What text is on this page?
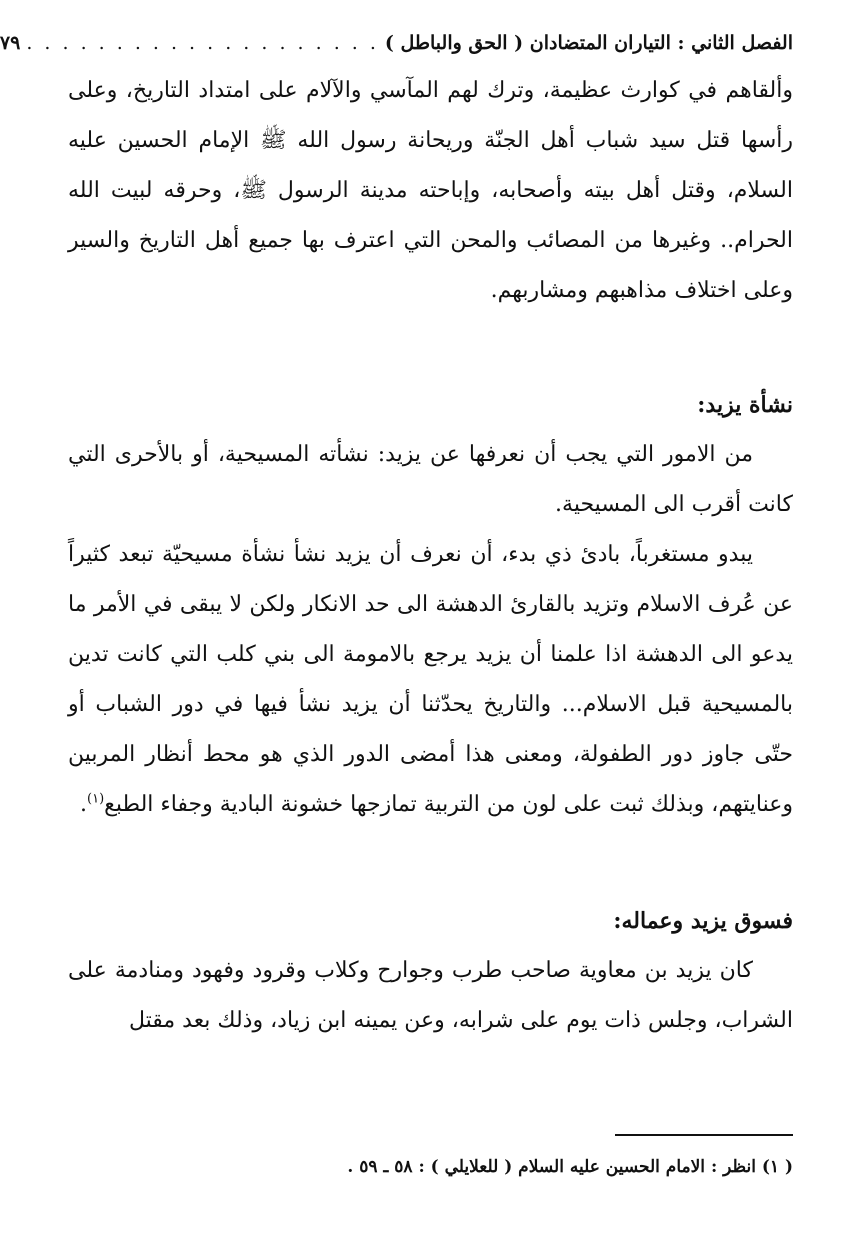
الفصل الثاني : التياران المتضادان ( الحق والباطل )
. . . . . . . . . . . . . . . . . . . .
٧٩

وألقاهم في كوارث عظيمة، وترك لهم المآسي والآلام على امتداد التاريخ، وعلى رأسها قتل سيد شباب أهل الجنّة وريحانة رسول الله ﷺ الإمام الحسين عليه السلام، وقتل أهل بيته وأصحابه، وإباحته مدينة الرسول ﷺ، وحرقه لبيت الله الحرام.. وغيرها من المصائب والمحن التي اعترف بها جميع أهل التاريخ والسير وعلى اختلاف مذاهبهم ومشاربهم.

نشأة يزيد:

من الامور التي يجب أن نعرفها عن يزيد: نشأته المسيحية، أو بالأحرى التي كانت أقرب الى المسيحية.

يبدو مستغرباً، بادئ ذي بدء، أن نعرف أن يزيد نشأ نشأة مسيحيّة تبعد كثيراً عن عُرف الاسلام وتزيد بالقارئ الدهشة الى حد الانكار ولكن لا يبقى في الأمر ما يدعو الى الدهشة اذا علمنا أن يزيد يرجع بالامومة الى بني كلب التي كانت تدين بالمسيحية قبل الاسلام... والتاريخ يحدّثنا أن يزيد نشأ فيها في دور الشباب أو حتّى جاوز دور الطفولة، ومعنى هذا أمضى الدور الذي هو محط أنظار المربين وعنايتهم، وبذلك ثبت على لون من التربية تمازجها خشونة البادية وجفاء الطبع$^{(١)}$.

فسوق يزيد وعماله:

كان يزيد بن معاوية صاحب طرب وجوارح وكلاب وقرود وفهود ومنادمة على الشراب، وجلس ذات يوم على شرابه، وعن يمينه ابن زياد، وذلك بعد مقتل

( ١) انظر : الامام الحسين عليه السلام ( للعلايلي ) : ٥٨ ـ ٥٩ .
